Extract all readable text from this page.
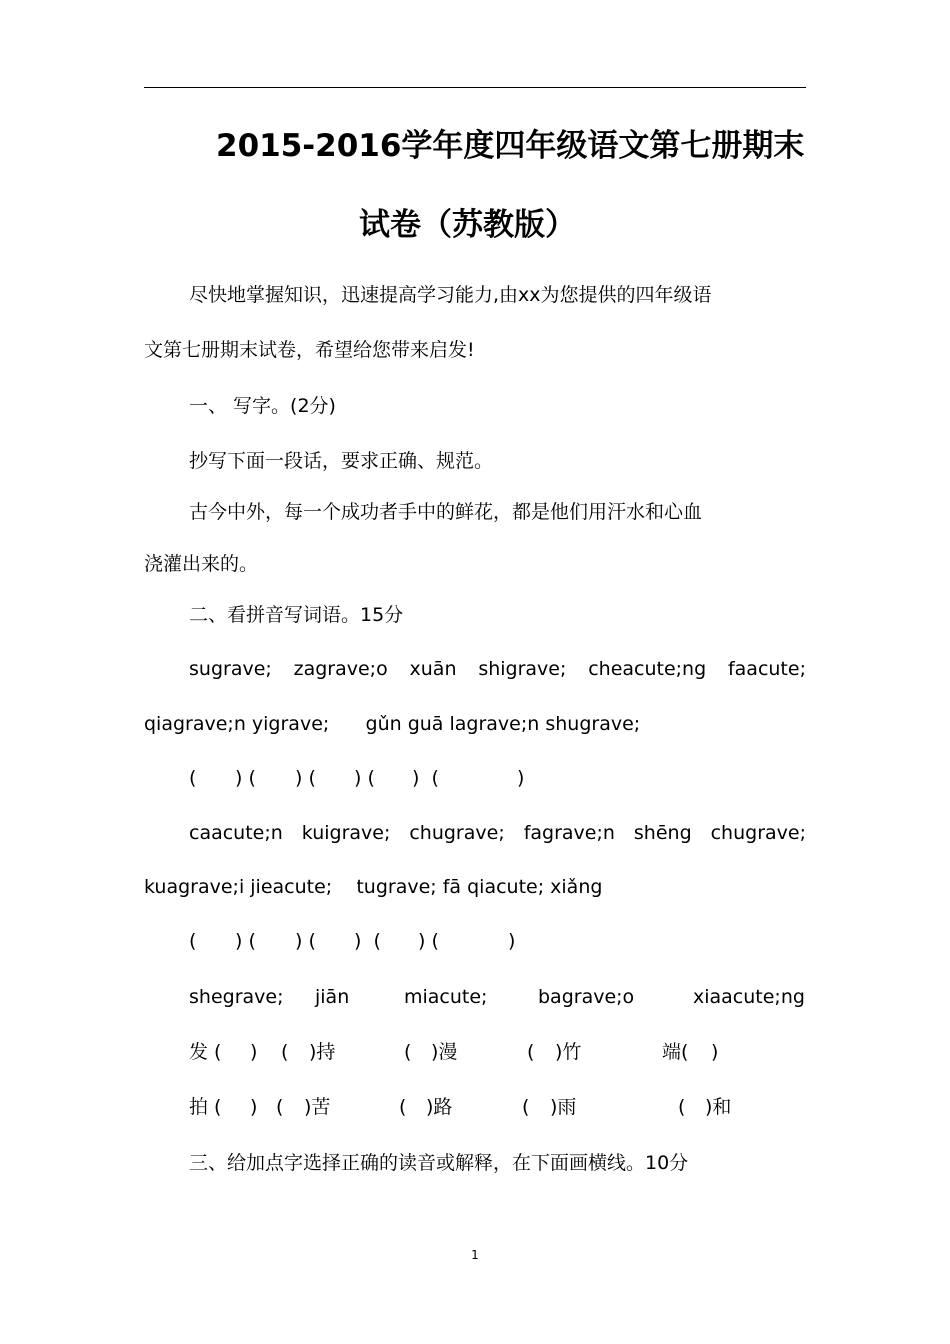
2015-2016学年度四年级语文第七册期末
试卷（苏教版）
尽快地掌握知识，迅速提高学习能力,由xx为您提供的四年级语
文第七册期末试卷，希望给您带来启发!
一、 写字。(2分)
抄写下面一段话，要求正确、规范。
古今中外，每一个成功者手中的鲜花，都是他们用汗水和心血
浇灌出来的。
二、看拼音写词语。15分
sugrave; zagrave;o xuān shigrave; cheacute;ng faacute;
qiagrave;n yigrave;      gǔn guā lagrave;n shugrave;
( ) ( ) ( ) ( )  (	)
caacute;n kuigrave; chugrave; fagrave;n shēng chugrave;
kuagrave;i jieacute;    tugrave; fā qiacute; xiǎng
( ) ( ) ( )  ( ) (	)
shegrave; jiān	miacute;	bagrave;o	xiaacute;ng
发 ( ) ( )持	( )漫	( )竹	端( )
拍 ( ) ( )苦	( )路	( )雨	( )和
三、给加点字选择正确的读音或解释，在下面画横线。10分
1
